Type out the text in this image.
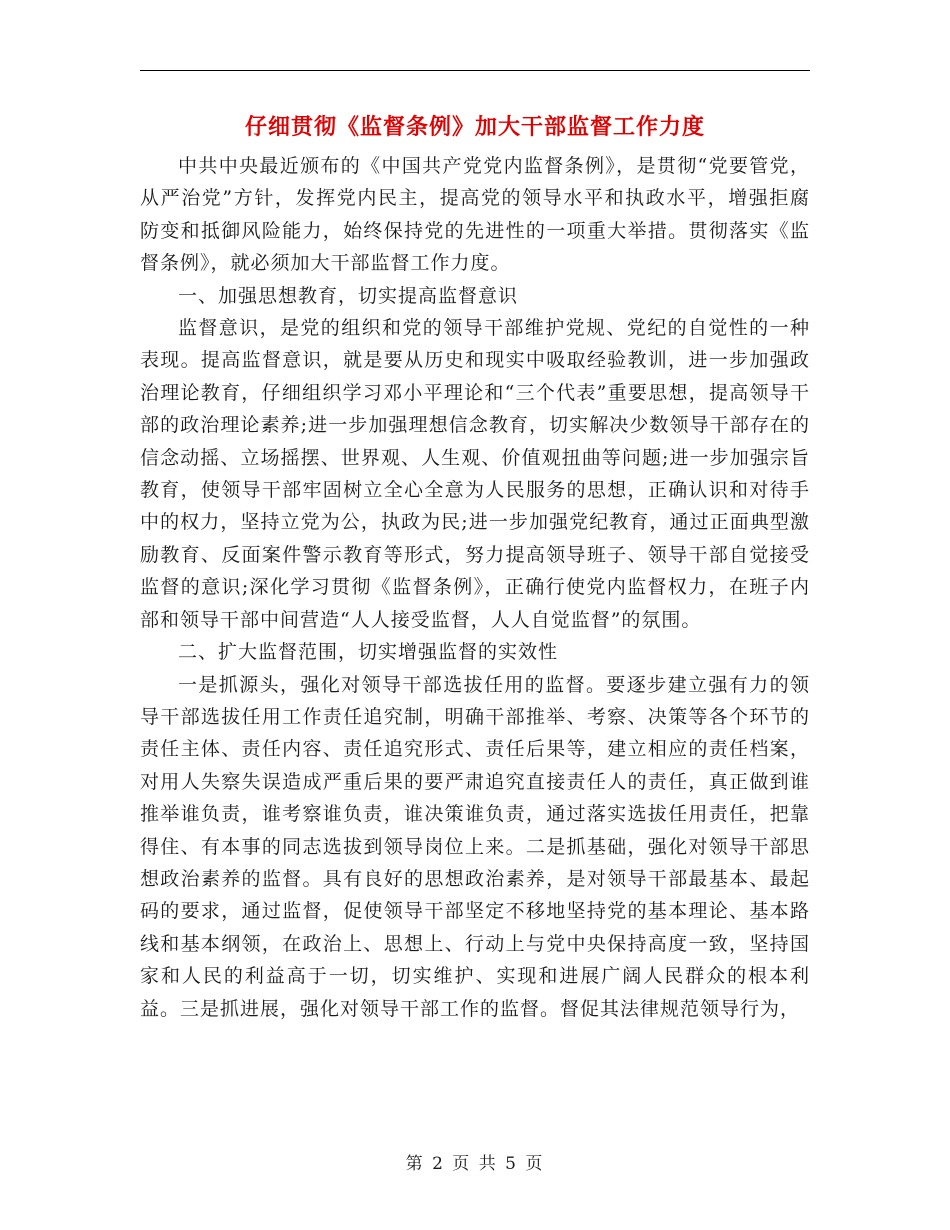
仔细贯彻《监督条例》加大干部监督工作力度

中共中央最近颁布的《中国共产党党内监督条例》，是贯彻“党要管党，从严治党”方针，发挥党内民主，提高党的领导水平和执政水平，增强拒腐防变和抵御风险能力，始终保持党的先进性的一项重大举措。贯彻落实《监督条例》，就必须加大干部监督工作力度。

一、加强思想教育，切实提高监督意识

监督意识，是党的组织和党的领导干部维护党规、党纪的自觉性的一种表现。提高监督意识，就是要从历史和现实中吸取经验教训，进一步加强政治理论教育，仔细组织学习邓小平理论和“三个代表”重要思想，提高领导干部的政治理论素养;进一步加强理想信念教育，切实解决少数领导干部存在的信念动摇、立场摇摆、世界观、人生观、价值观扭曲等问题;进一步加强宗旨教育，使领导干部牢固树立全心全意为人民服务的思想，正确认识和对待手中的权力，坚持立党为公，执政为民;进一步加强党纪教育，通过正面典型激励教育、反面案件警示教育等形式，努力提高领导班子、领导干部自觉接受监督的意识;深化学习贯彻《监督条例》，正确行使党内监督权力，在班子内部和领导干部中间营造“人人接受监督，人人自觉监督”的氛围。

二、扩大监督范围，切实增强监督的实效性

一是抓源头，强化对领导干部选拔任用的监督。要逐步建立强有力的领导干部选拔任用工作责任追究制，明确干部推举、考察、决策等各个环节的责任主体、责任内容、责任追究形式、责任后果等，建立相应的责任档案，对用人失察失误造成严重后果的要严肃追究直接责任人的责任，真正做到谁推举谁负责，谁考察谁负责，谁决策谁负责，通过落实选拔任用责任，把靠得住、有本事的同志选拔到领导岗位上来。二是抓基础，强化对领导干部思想政治素养的监督。具有良好的思想政治素养，是对领导干部最基本、最起码的要求，通过监督，促使领导干部坚定不移地坚持党的基本理论、基本路线和基本纲领，在政治上、思想上、行动上与党中央保持高度一致，坚持国家和人民的利益高于一切，切实维护、实现和进展广阔人民群众的根本利益。三是抓进展，强化对领导干部工作的监督。督促其法律规范领导行为，

第 2 页 共 5 页
